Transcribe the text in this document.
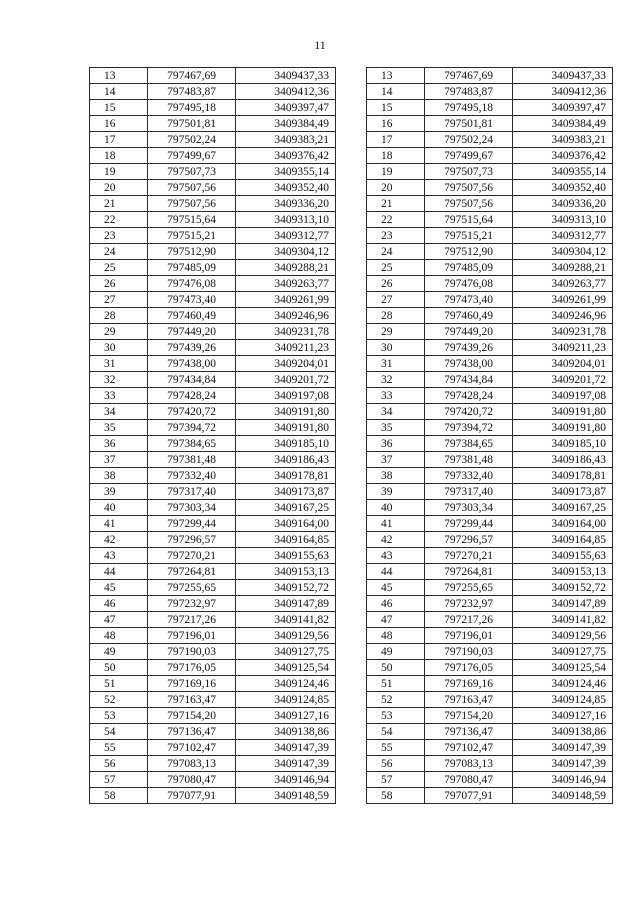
11
13	797467,69	3409437,33
14	797483,87	3409412,36
15	797495,18	3409397,47
16	797501,81	3409384,49
17	797502,24	3409383,21
18	797499,67	3409376,42
19	797507,73	3409355,14
20	797507,56	3409352,40
21	797507,56	3409336,20
22	797515,64	3409313,10
23	797515,21	3409312,77
24	797512,90	3409304,12
25	797485,09	3409288,21
26	797476,08	3409263,77
27	797473,40	3409261,99
28	797460,49	3409246,96
29	797449,20	3409231,78
30	797439,26	3409211,23
31	797438,00	3409204,01
32	797434,84	3409201,72
33	797428,24	3409197,08
34	797420,72	3409191,80
35	797394,72	3409191,80
36	797384,65	3409185,10
37	797381,48	3409186,43
38	797332,40	3409178,81
39	797317,40	3409173,87
40	797303,34	3409167,25
41	797299,44	3409164,00
42	797296,57	3409164,85
43	797270,21	3409155,63
44	797264,81	3409153,13
45	797255,65	3409152,72
46	797232,97	3409147,89
47	797217,26	3409141,82
48	797196,01	3409129,56
49	797190,03	3409127,75
50	797176,05	3409125,54
51	797169,16	3409124,46
52	797163,47	3409124,85
53	797154,20	3409127,16
54	797136,47	3409138,86
55	797102,47	3409147,39
56	797083,13	3409147,39
57	797080,47	3409146,94
58	797077,91	3409148,59
13	797467,69	3409437,33
14	797483,87	3409412,36
15	797495,18	3409397,47
16	797501,81	3409384,49
17	797502,24	3409383,21
18	797499,67	3409376,42
19	797507,73	3409355,14
20	797507,56	3409352,40
21	797507,56	3409336,20
22	797515,64	3409313,10
23	797515,21	3409312,77
24	797512,90	3409304,12
25	797485,09	3409288,21
26	797476,08	3409263,77
27	797473,40	3409261,99
28	797460,49	3409246,96
29	797449,20	3409231,78
30	797439,26	3409211,23
31	797438,00	3409204,01
32	797434,84	3409201,72
33	797428,24	3409197,08
34	797420,72	3409191,80
35	797394,72	3409191,80
36	797384,65	3409185,10
37	797381,48	3409186,43
38	797332,40	3409178,81
39	797317,40	3409173,87
40	797303,34	3409167,25
41	797299,44	3409164,00
42	797296,57	3409164,85
43	797270,21	3409155,63
44	797264,81	3409153,13
45	797255,65	3409152,72
46	797232,97	3409147,89
47	797217,26	3409141,82
48	797196,01	3409129,56
49	797190,03	3409127,75
50	797176,05	3409125,54
51	797169,16	3409124,46
52	797163,47	3409124,85
53	797154,20	3409127,16
54	797136,47	3409138,86
55	797102,47	3409147,39
56	797083,13	3409147,39
57	797080,47	3409146,94
58	797077,91	3409148,59
